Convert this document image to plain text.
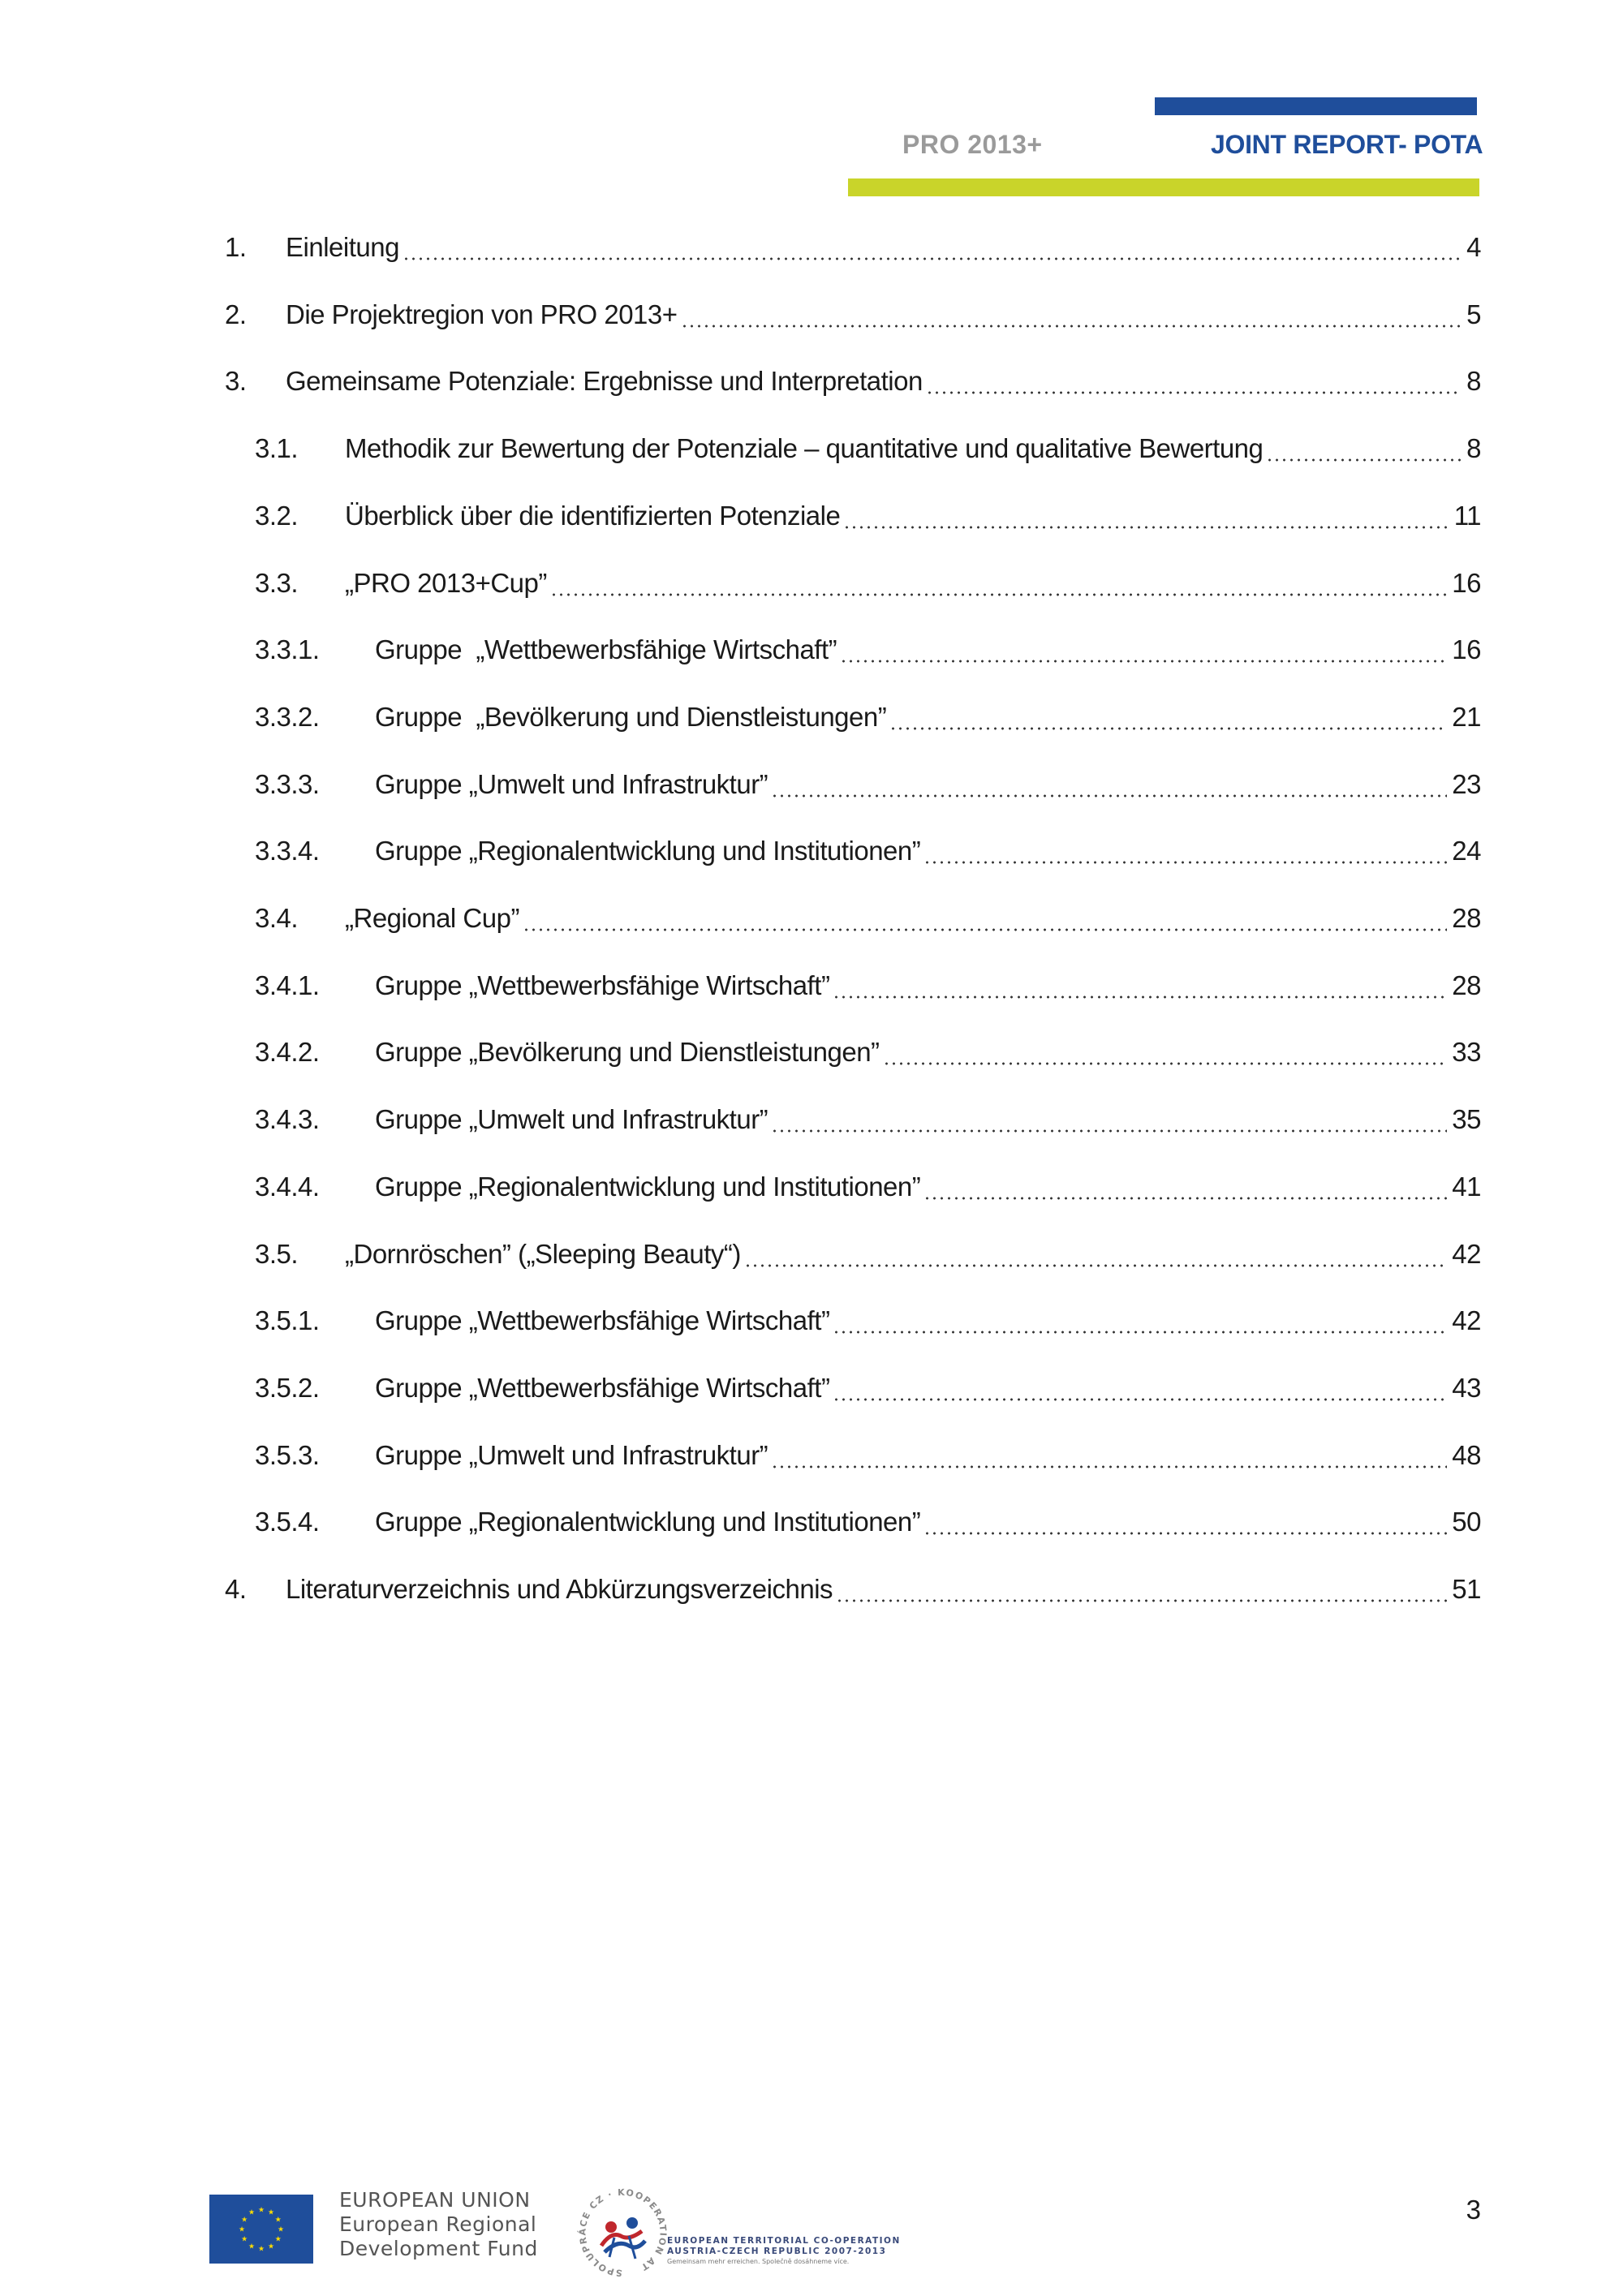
PRO 2013+	JOINT REPORT- POTA
1.	Einleitung	4
2.	Die Projektregion von PRO 2013+	5
3.	Gemeinsame Potenziale: Ergebnisse und Interpretation	8
3.1.	Methodik zur Bewertung der Potenziale – quantitative und qualitative Bewertung	8
3.2.	Überblick über die identifizierten Potenziale	11
3.3.	„PRO 2013+Cup”	16
3.3.1.	Gruppe  „Wettbewerbsfähige Wirtschaft”	16
3.3.2.	Gruppe  „Bevölkerung und Dienstleistungen”	21
3.3.3.	Gruppe „Umwelt und Infrastruktur”	23
3.3.4.	Gruppe „Regionalentwicklung und Institutionen”	24
3.4.	„Regional Cup”	28
3.4.1.	Gruppe „Wettbewerbsfähige Wirtschaft”	28
3.4.2.	Gruppe „Bevölkerung und Dienstleistungen”	33
3.4.3.	Gruppe „Umwelt und Infrastruktur”	35
3.4.4.	Gruppe „Regionalentwicklung und Institutionen”	41
3.5.	„Dornröschen” („Sleeping Beauty“)	42
3.5.1.	Gruppe „Wettbewerbsfähige Wirtschaft”	42
3.5.2.	Gruppe „Wettbewerbsfähige Wirtschaft”	43
3.5.3.	Gruppe „Umwelt und Infrastruktur”	48
3.5.4.	Gruppe „Regionalentwicklung und Institutionen”	50
4.	Literaturverzeichnis und Abkürzungsverzeichnis	51
★ ★
★
★
★
★
★
★
★
★
★
★
EUROPEAN UNION
European Regional
Development Fund
SPOLUPRÁCE CZ · KOOPERATION AT
EUROPEAN TERRITORIAL CO-OPERATION
AUSTRIA-CZECH REPUBLIC 2007-2013
Gemeinsam mehr erreichen. Společně dosáhneme více.
3
